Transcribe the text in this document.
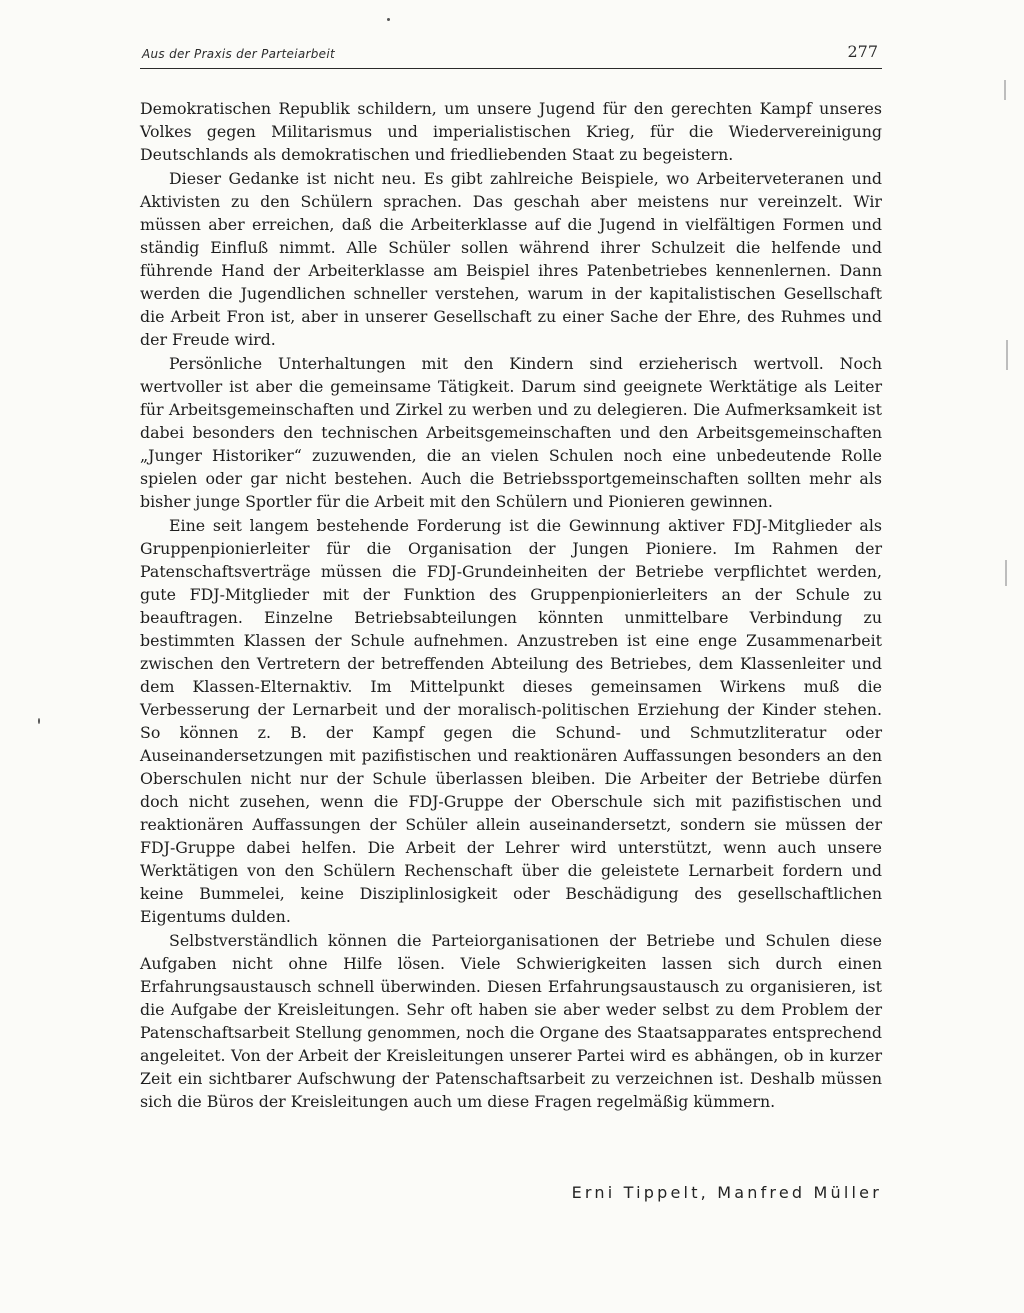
Aus der Praxis der Parteiarbeit	277

Demokratischen Republik schildern, um unsere Jugend für den gerechten Kampf unseres Volkes gegen Militarismus und imperialistischen Krieg, für die Wiedervereinigung Deutschlands als demokratischen und friedliebenden Staat zu begeistern.

Dieser Gedanke ist nicht neu. Es gibt zahlreiche Beispiele, wo Arbeiterveteranen und Aktivisten zu den Schülern sprachen. Das geschah aber meistens nur vereinzelt. Wir müssen aber erreichen, daß die Arbeiterklasse auf die Jugend in vielfältigen Formen und ständig Einfluß nimmt. Alle Schüler sollen während ihrer Schulzeit die helfende und führende Hand der Arbeiterklasse am Beispiel ihres Patenbetriebes kennenlernen. Dann werden die Jugendlichen schneller verstehen, warum in der kapitalistischen Gesellschaft die Arbeit Fron ist, aber in unserer Gesellschaft zu einer Sache der Ehre, des Ruhmes und der Freude wird.

Persönliche Unterhaltungen mit den Kindern sind erzieherisch wertvoll. Noch wertvoller ist aber die gemeinsame Tätigkeit. Darum sind geeignete Werktätige als Leiter für Arbeitsgemeinschaften und Zirkel zu werben und zu delegieren. Die Aufmerksamkeit ist dabei besonders den technischen Arbeitsgemeinschaften und den Arbeitsgemeinschaften „Junger Historiker“ zuzuwenden, die an vielen Schulen noch eine unbedeutende Rolle spielen oder gar nicht bestehen. Auch die Betriebssportgemeinschaften sollten mehr als bisher junge Sportler für die Arbeit mit den Schülern und Pionieren gewinnen.

Eine seit langem bestehende Forderung ist die Gewinnung aktiver FDJ-Mitglieder als Gruppenpionierleiter für die Organisation der Jungen Pioniere. Im Rahmen der Patenschaftsverträge müssen die FDJ-Grundeinheiten der Betriebe verpflichtet werden, gute FDJ-Mitglieder mit der Funktion des Gruppenpionierleiters an der Schule zu beauftragen. Einzelne Betriebsabteilungen könnten unmittelbare Verbindung zu bestimmten Klassen der Schule aufnehmen. Anzustreben ist eine enge Zusammenarbeit zwischen den Vertretern der betreffenden Abteilung des Betriebes, dem Klassenleiter und dem Klassen-Elternaktiv. Im Mittelpunkt dieses gemeinsamen Wirkens muß die Verbesserung der Lernarbeit und der moralisch-politischen Erziehung der Kinder stehen. So können z. B. der Kampf gegen die Schund- und Schmutzliteratur oder Auseinandersetzungen mit pazifistischen und reaktionären Auffassungen besonders an den Oberschulen nicht nur der Schule überlassen bleiben. Die Arbeiter der Betriebe dürfen doch nicht zusehen, wenn die FDJ-Gruppe der Oberschule sich mit pazifistischen und reaktionären Auffassungen der Schüler allein auseinandersetzt, sondern sie müssen der FDJ-Gruppe dabei helfen. Die Arbeit der Lehrer wird unterstützt, wenn auch unsere Werktätigen von den Schülern Rechenschaft über die geleistete Lernarbeit fordern und keine Bummelei, keine Disziplinlosigkeit oder Beschädigung des gesellschaftlichen Eigentums dulden.

Selbstverständlich können die Parteiorganisationen der Betriebe und Schulen diese Aufgaben nicht ohne Hilfe lösen. Viele Schwierigkeiten lassen sich durch einen Erfahrungsaustausch schnell überwinden. Diesen Erfahrungsaustausch zu organisieren, ist die Aufgabe der Kreisleitungen. Sehr oft haben sie aber weder selbst zu dem Problem der Patenschaftsarbeit Stellung genommen, noch die Organe des Staatsapparates entsprechend angeleitet. Von der Arbeit der Kreisleitungen unserer Partei wird es abhängen, ob in kurzer Zeit ein sichtbarer Aufschwung der Patenschaftsarbeit zu verzeichnen ist. Deshalb müssen sich die Büros der Kreisleitungen auch um diese Fragen regelmäßig kümmern.

Erni Tippelt, Manfred Müller
